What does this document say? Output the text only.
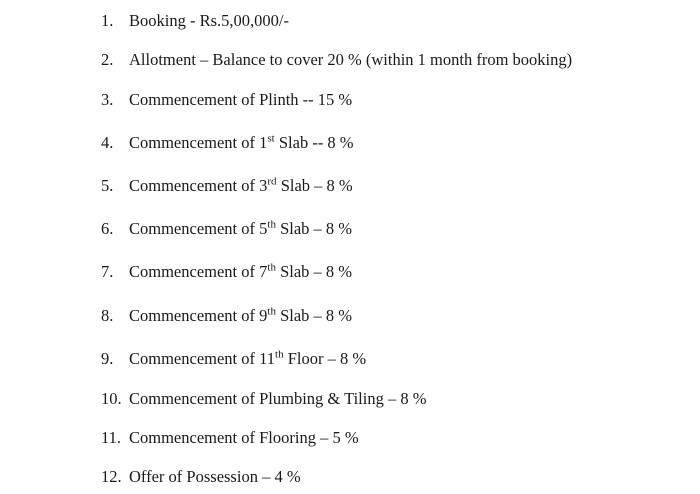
1. Booking - Rs.5,00,000/-
2. Allotment – Balance to cover 20 % (within 1 month from booking)
3. Commencement of Plinth -- 15 %
4. Commencement of 1st Slab -- 8 %
5. Commencement of 3rd Slab – 8 %
6. Commencement of 5th Slab – 8 %
7. Commencement of 7th Slab – 8 %
8. Commencement of 9th Slab – 8 %
9. Commencement of 11th Floor – 8 %
10. Commencement of Plumbing & Tiling – 8 %
11. Commencement of Flooring – 5 %
12. Offer of Possession – 4 %
